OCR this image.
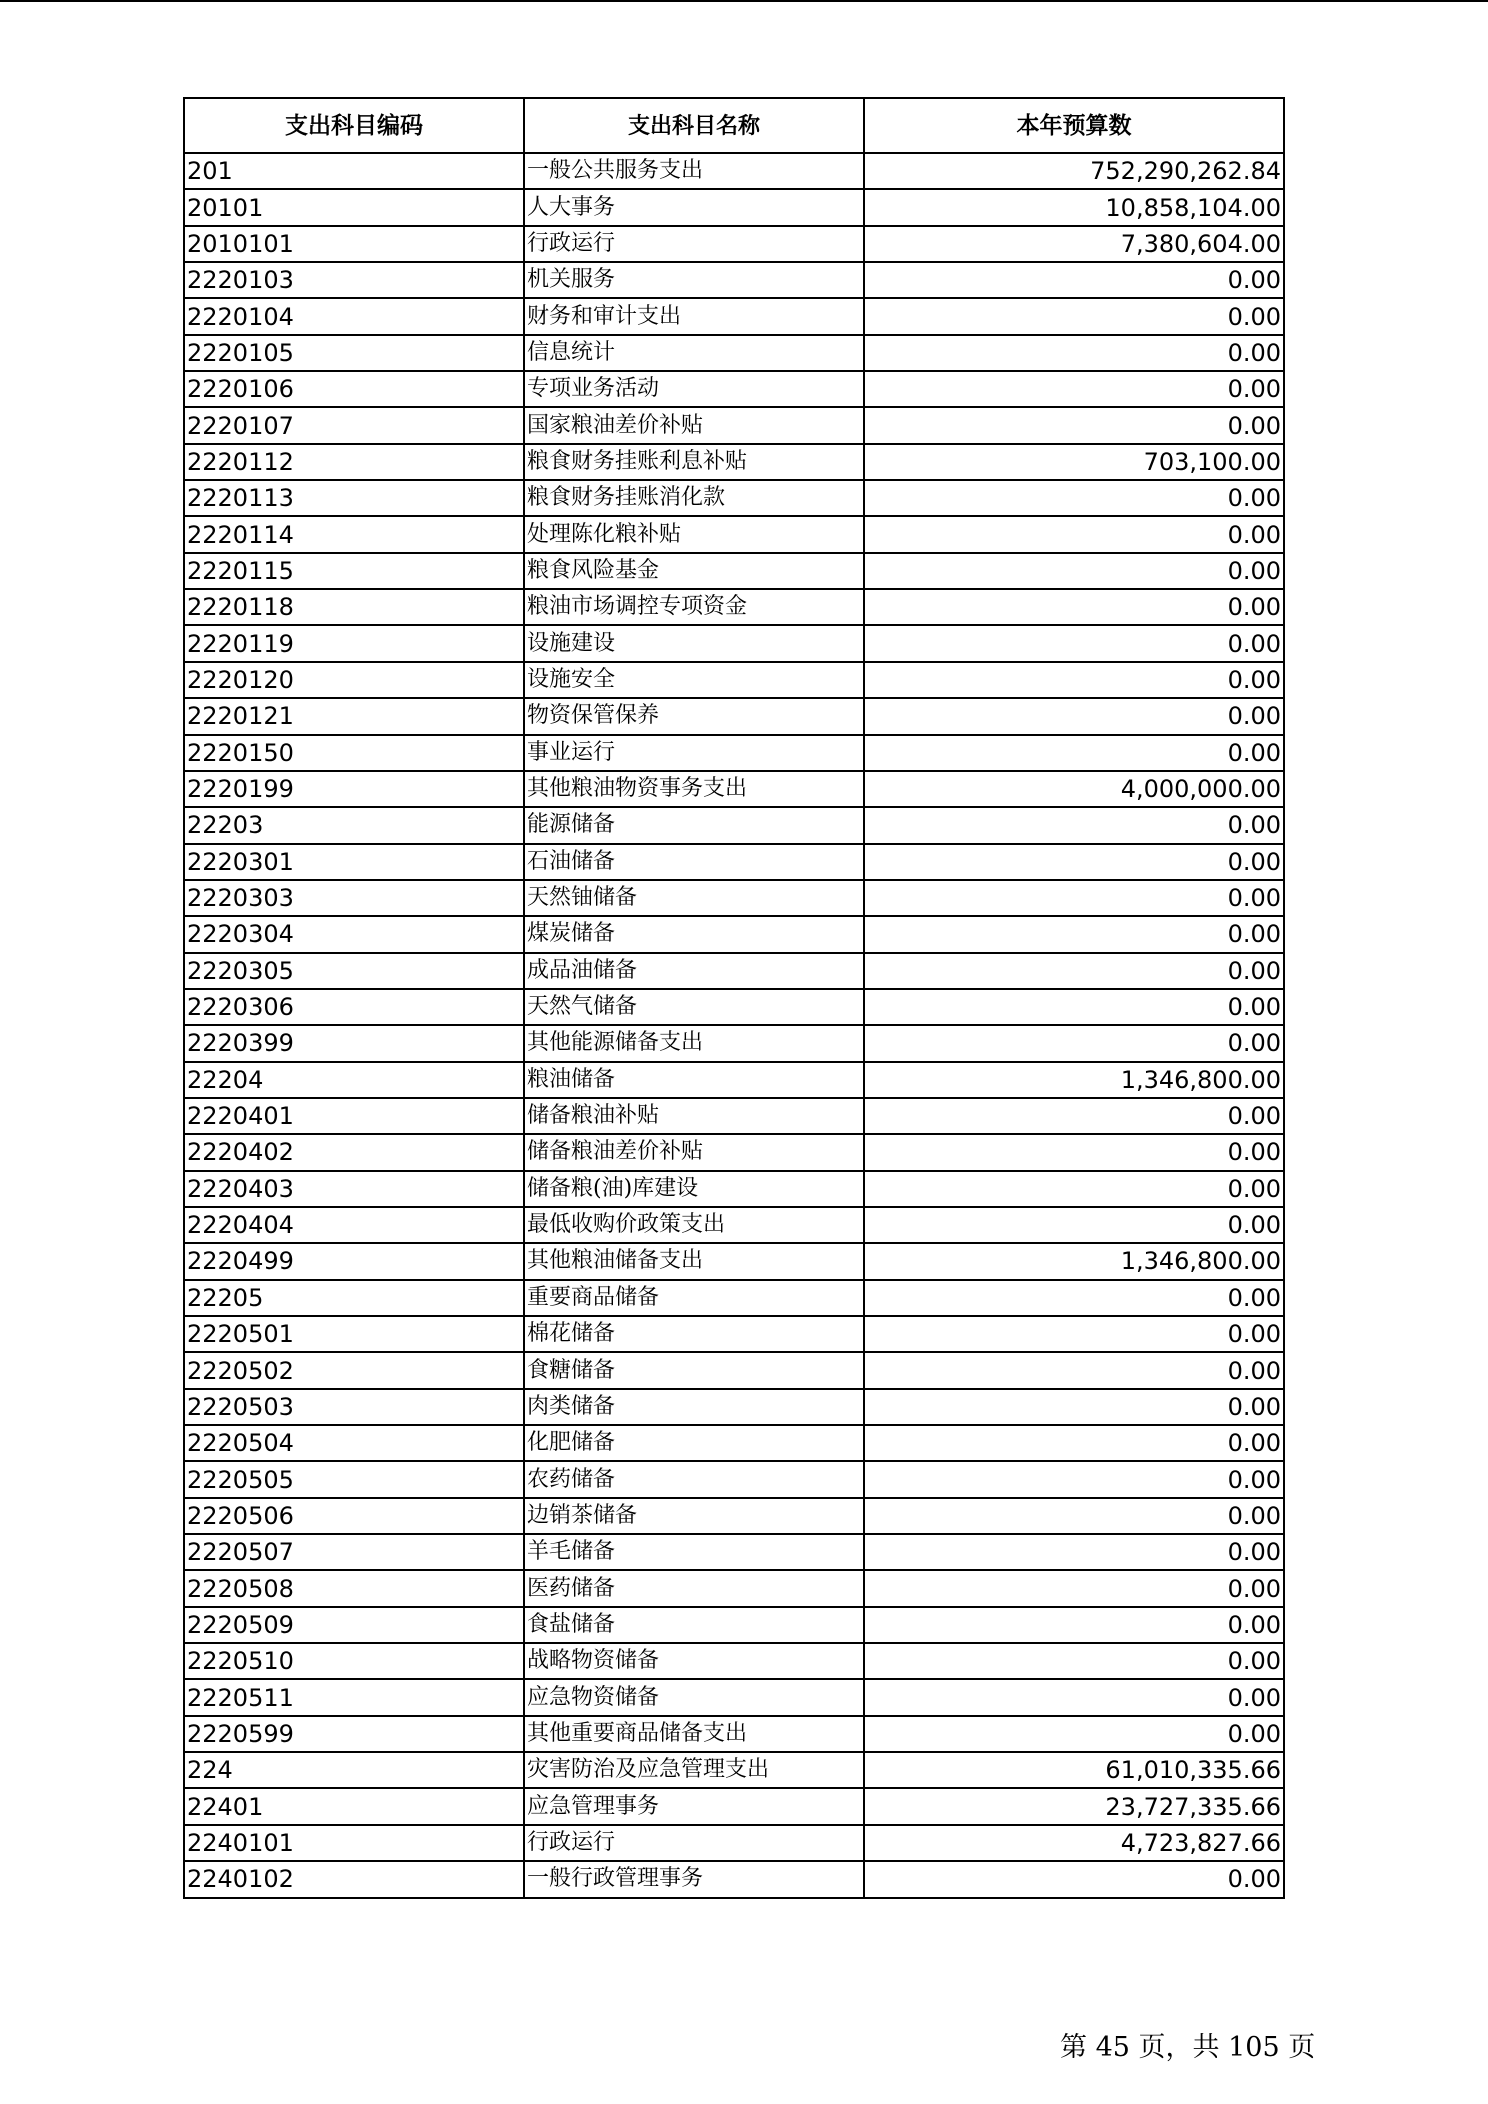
支出科目编码	支出科目名称	本年预算数
201	一般公共服务支出	752,290,262.84
20101	人大事务	10,858,104.00
2010101	行政运行	7,380,604.00
2220103	机关服务	0.00
2220104	财务和审计支出	0.00
2220105	信息统计	0.00
2220106	专项业务活动	0.00
2220107	国家粮油差价补贴	0.00
2220112	粮食财务挂账利息补贴	703,100.00
2220113	粮食财务挂账消化款	0.00
2220114	处理陈化粮补贴	0.00
2220115	粮食风险基金	0.00
2220118	粮油市场调控专项资金	0.00
2220119	设施建设	0.00
2220120	设施安全	0.00
2220121	物资保管保养	0.00
2220150	事业运行	0.00
2220199	其他粮油物资事务支出	4,000,000.00
22203	能源储备	0.00
2220301	石油储备	0.00
2220303	天然铀储备	0.00
2220304	煤炭储备	0.00
2220305	成品油储备	0.00
2220306	天然气储备	0.00
2220399	其他能源储备支出	0.00
22204	粮油储备	1,346,800.00
2220401	储备粮油补贴	0.00
2220402	储备粮油差价补贴	0.00
2220403	储备粮(油)库建设	0.00
2220404	最低收购价政策支出	0.00
2220499	其他粮油储备支出	1,346,800.00
22205	重要商品储备	0.00
2220501	棉花储备	0.00
2220502	食糖储备	0.00
2220503	肉类储备	0.00
2220504	化肥储备	0.00
2220505	农药储备	0.00
2220506	边销茶储备	0.00
2220507	羊毛储备	0.00
2220508	医药储备	0.00
2220509	食盐储备	0.00
2220510	战略物资储备	0.00
2220511	应急物资储备	0.00
2220599	其他重要商品储备支出	0.00
224	灾害防治及应急管理支出	61,010,335.66
22401	应急管理事务	23,727,335.66
2240101	行政运行	4,723,827.66
2240102	一般行政管理事务	0.00
第 45 页，共 105 页
